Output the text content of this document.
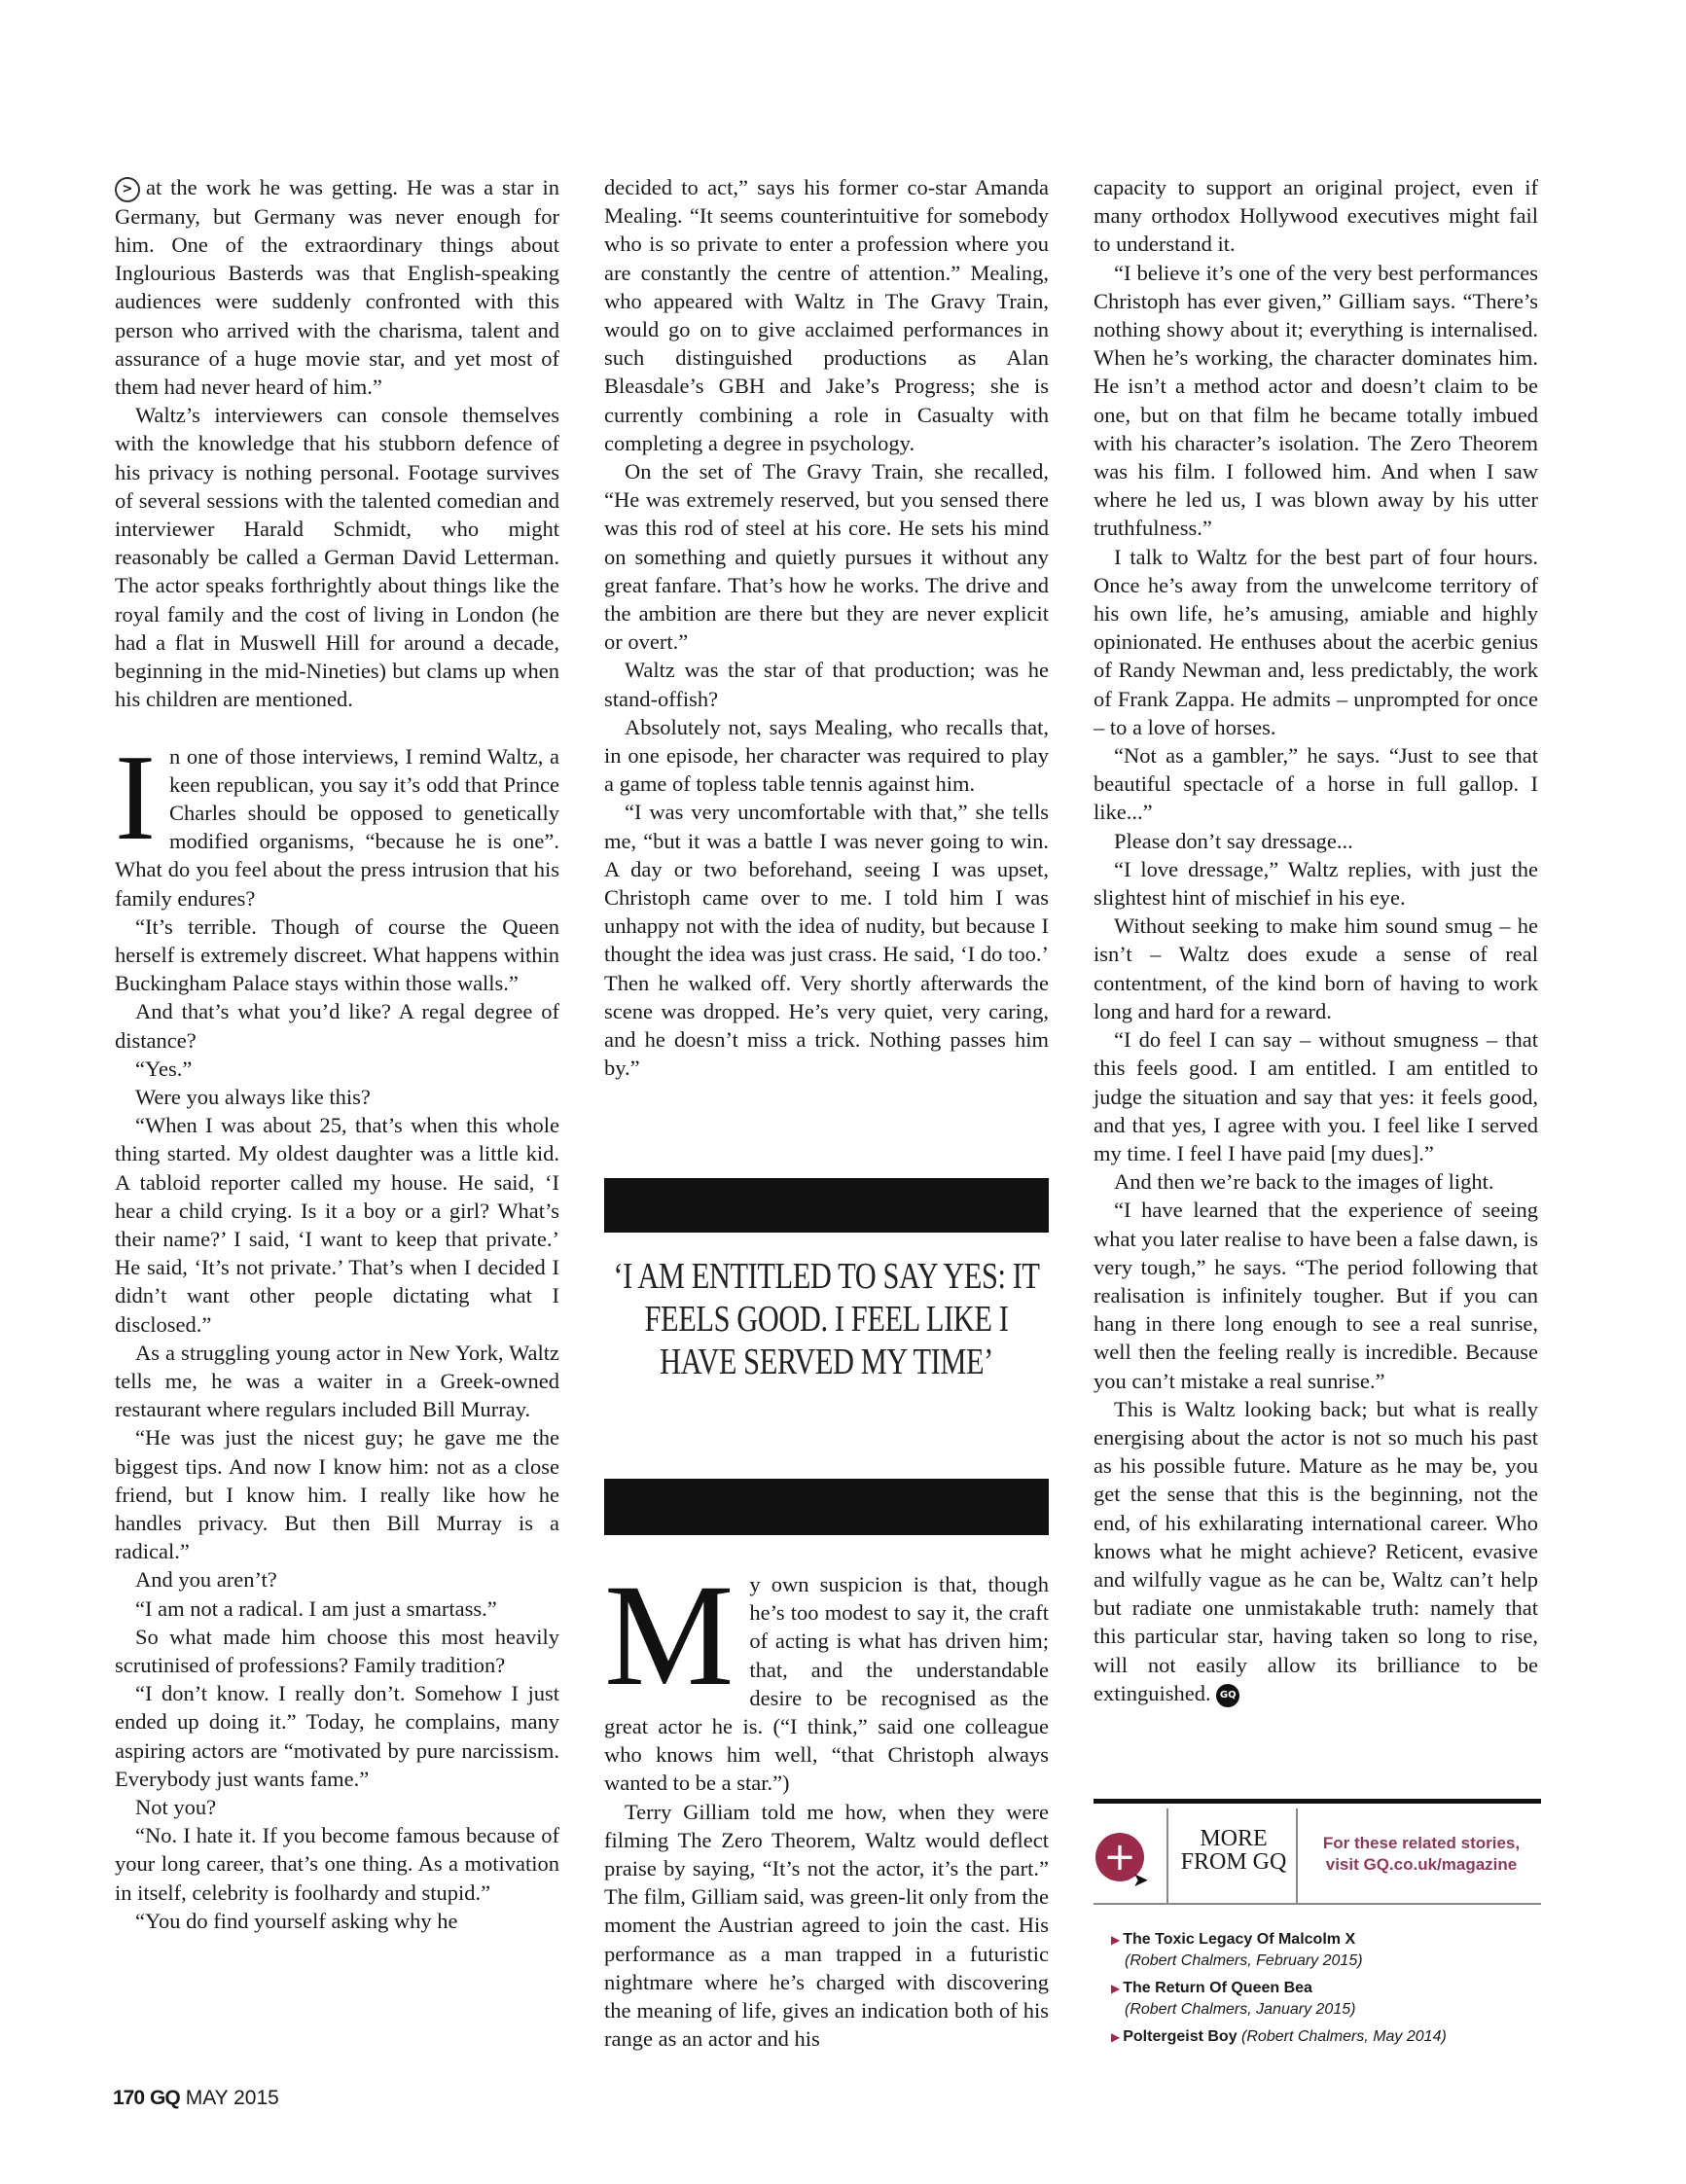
> at the work he was getting. He was a star in Germany, but Germany was never enough for him. One of the extraordinary things about Inglourious Basterds was that English-speaking audiences were suddenly confronted with this person who arrived with the charisma, talent and assurance of a huge movie star, and yet most of them had never heard of him.”

Waltz’s interviewers can console themselves with the knowledge that his stubborn defence of his privacy is nothing personal. Footage survives of several sessions with the talented comedian and interviewer Harald Schmidt, who might reasonably be called a German David Letterman. The actor speaks forthrightly about things like the royal family and the cost of living in London (he had a flat in Muswell Hill for around a decade, beginning in the mid-Nineties) but clams up when his children are mentioned.

In one of those interviews, I remind Waltz, a keen republican, you say it’s odd that Prince Charles should be opposed to genetically modified organisms, “because he is one”. What do you feel about the press intrusion that his family endures?

“It’s terrible. Though of course the Queen herself is extremely discreet. What happens within Buckingham Palace stays within those walls.”

And that’s what you’d like? A regal degree of distance?

“Yes.”

Were you always like this?

“When I was about 25, that’s when this whole thing started. My oldest daughter was a little kid. A tabloid reporter called my house. He said, ‘I hear a child crying. Is it a boy or a girl? What’s their name?’ I said, ‘I want to keep that private.’ He said, ‘It’s not private.’ That’s when I decided I didn’t want other people dictating what I disclosed.”

As a struggling young actor in New York, Waltz tells me, he was a waiter in a Greek-owned restaurant where regulars included Bill Murray.

“He was just the nicest guy; he gave me the biggest tips. And now I know him: not as a close friend, but I know him. I really like how he handles privacy. But then Bill Murray is a radical.”

And you aren’t?

“I am not a radical. I am just a smartass.”

So what made him choose this most heavily scrutinised of professions? Family tradition?

“I don’t know. I really don’t. Somehow I just ended up doing it.” Today, he complains, many aspiring actors are “motivated by pure narcissism. Everybody just wants fame.”

Not you?

“No. I hate it. If you become famous because of your long career, that’s one thing. As a motivation in itself, celebrity is foolhardy and stupid.”

“You do find yourself asking why he

decided to act,” says his former co-star Amanda Mealing. “It seems counterintuitive for somebody who is so private to enter a profession where you are constantly the centre of attention.” Mealing, who appeared with Waltz in The Gravy Train, would go on to give acclaimed performances in such distinguished productions as Alan Bleasdale’s GBH and Jake’s Progress; she is currently combining a role in Casualty with completing a degree in psychology.

On the set of The Gravy Train, she recalled, “He was extremely reserved, but you sensed there was this rod of steel at his core. He sets his mind on something and quietly pursues it without any great fanfare. That’s how he works. The drive and the ambition are there but they are never explicit or overt.”

Waltz was the star of that production; was he stand-offish?

Absolutely not, says Mealing, who recalls that, in one episode, her character was required to play a game of topless table tennis against him.

“I was very uncomfortable with that,” she tells me, “but it was a battle I was never going to win. A day or two beforehand, seeing I was upset, Christoph came over to me. I told him I was unhappy not with the idea of nudity, but because I thought the idea was just crass. He said, ‘I do too.’ Then he walked off. Very shortly afterwards the scene was dropped. He’s very quiet, very caring, and he doesn’t miss a trick. Nothing passes him by.”

‘I AM ENTITLED TO SAY YES: IT FEELS GOOD. I FEEL LIKE I HAVE SERVED MY TIME’

My own suspicion is that, though he’s too modest to say it, the craft of acting is what has driven him; that, and the understandable desire to be recognised as the great actor he is. (“I think,” said one colleague who knows him well, “that Christoph always wanted to be a star.”)

Terry Gilliam told me how, when they were filming The Zero Theorem, Waltz would deflect praise by saying, “It’s not the actor, it’s the part.” The film, Gilliam said, was green-lit only from the moment the Austrian agreed to join the cast. His performance as a man trapped in a futuristic nightmare where he’s charged with discovering the meaning of life, gives an indication both of his range as an actor and his

capacity to support an original project, even if many orthodox Hollywood executives might fail to understand it.

“I believe it’s one of the very best performances Christoph has ever given,” Gilliam says. “There’s nothing showy about it; everything is internalised. When he’s working, the character dominates him. He isn’t a method actor and doesn’t claim to be one, but on that film he became totally imbued with his character’s isolation. The Zero Theorem was his film. I followed him. And when I saw where he led us, I was blown away by his utter truthfulness.”

I talk to Waltz for the best part of four hours. Once he’s away from the unwelcome territory of his own life, he’s amusing, amiable and highly opinionated. He enthuses about the acerbic genius of Randy Newman and, less predictably, the work of Frank Zappa. He admits – unprompted for once – to a love of horses.

“Not as a gambler,” he says. “Just to see that beautiful spectacle of a horse in full gallop. I like...”

Please don’t say dressage...

“I love dressage,” Waltz replies, with just the slightest hint of mischief in his eye.

Without seeking to make him sound smug – he isn’t – Waltz does exude a sense of real contentment, of the kind born of having to work long and hard for a reward.

“I do feel I can say – without smugness – that this feels good. I am entitled. I am entitled to judge the situation and say that yes: it feels good, and that yes, I agree with you. I feel like I served my time. I feel I have paid [my dues].”

And then we’re back to the images of light.

“I have learned that the experience of seeing what you later realise to have been a false dawn, is very tough,” he says. “The period following that realisation is infinitely tougher. But if you can hang in there long enough to see a real sunrise, well then the feeling really is incredible. Because you can’t mistake a real sunrise.”

This is Waltz looking back; but what is really energising about the actor is not so much his past as his possible future. Mature as he may be, you get the sense that this is the beginning, not the end, of his exhilarating international career. Who knows what he might achieve? Reticent, evasive and wilfully vague as he can be, Waltz can’t help but radiate one unmistakable truth: namely that this particular star, having taken so long to rise, will not easily allow its brilliance to be extinguished. GQ

+
➤
MORE
FROM GQ
For these related stories,
visit GQ.co.uk/magazine
▶ The Toxic Legacy Of Malcolm X
(Robert Chalmers, February 2015)
▶ The Return Of Queen Bea
(Robert Chalmers, January 2015)
▶ Poltergeist Boy (Robert Chalmers, May 2014)
170 GQ MAY 2015
